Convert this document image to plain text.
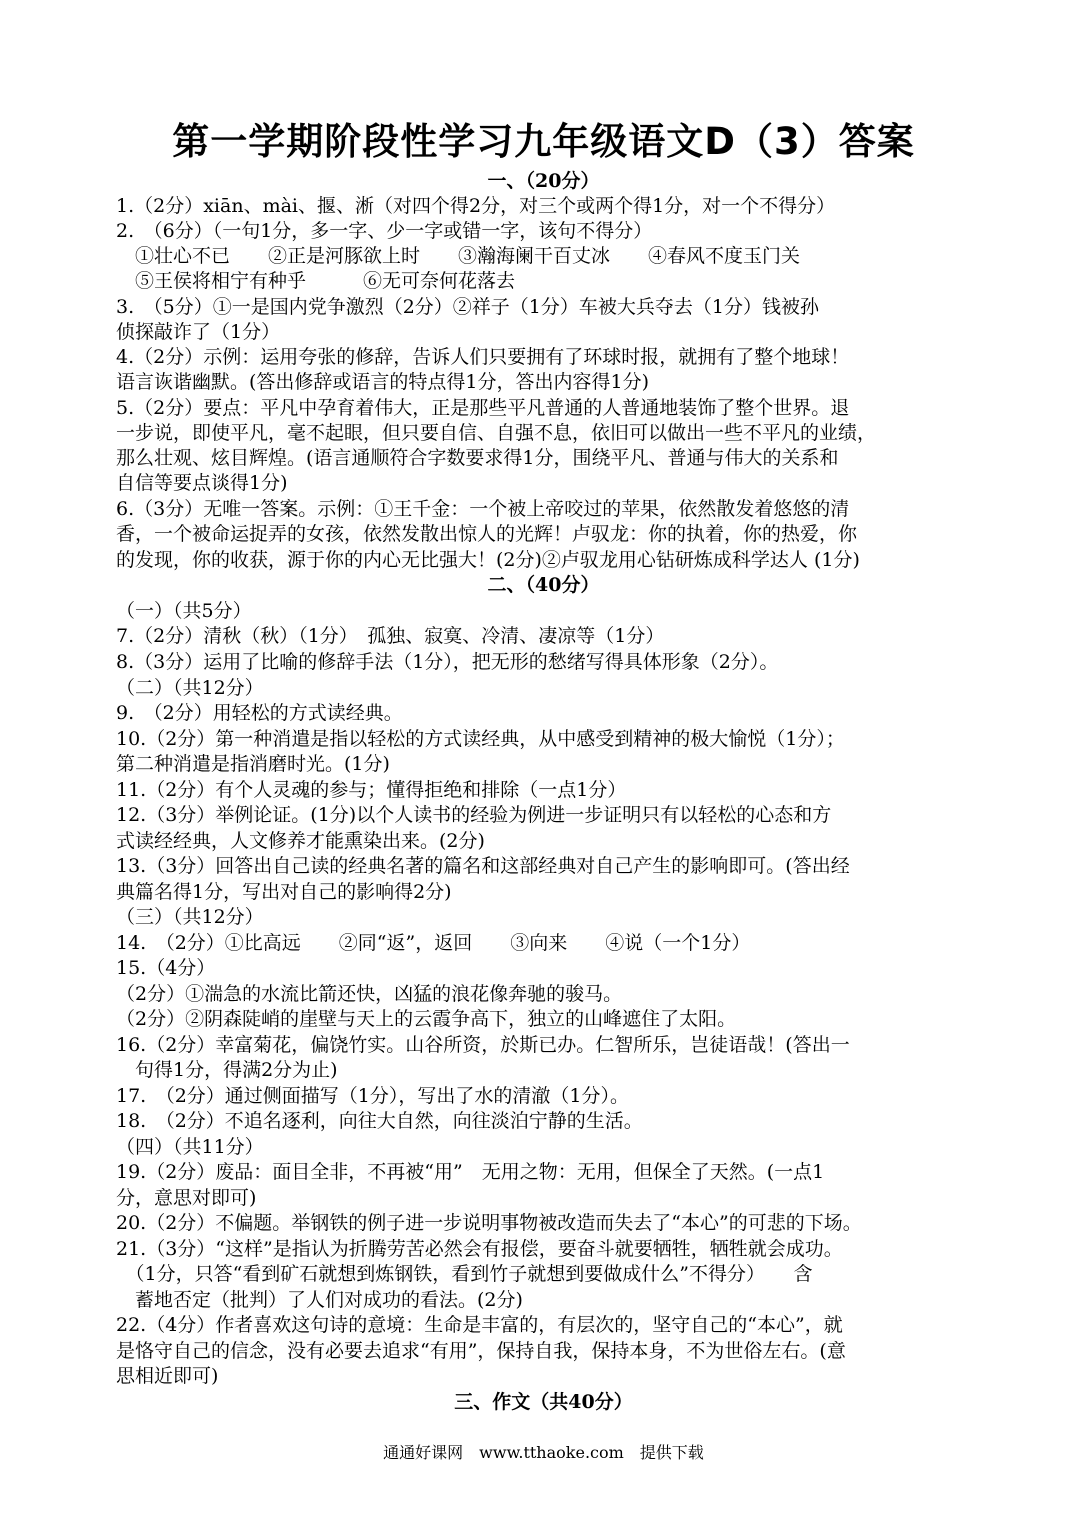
第一学期阶段性学习九年级语文D（3）答案
一、（20分）
1.（2分）xiān、mài、揠、淅（对四个得2分，对三个或两个得1分，对一个不得分）
2.　（6分）（一句1分，多一字、少一字或错一字，该句不得分）
　①壮心不已　　②正是河豚欲上时　　③瀚海阑干百丈冰　　④春风不度玉门关
　⑤王侯将相宁有种乎　　　⑥无可奈何花落去
3.　（5分）①一是国内党争激烈（2分）②祥子（1分）车被大兵夺去（1分）钱被孙
侦探敲诈了（1分）
4.（2分）示例：运用夸张的修辞，告诉人们只要拥有了环球时报，就拥有了整个地球！
语言诙谐幽默。(答出修辞或语言的特点得1分，答出内容得1分)
5.（2分）要点：平凡中孕育着伟大，正是那些平凡普通的人普通地装饰了整个世界。退
一步说，即使平凡，毫不起眼，但只要自信、自强不息，依旧可以做出一些不平凡的业绩，
那么壮观、炫目辉煌。(语言通顺符合字数要求得1分，围绕平凡、普通与伟大的关系和
自信等要点谈得1分)
6.（3分）无唯一答案。示例：①王千金：一个被上帝咬过的苹果，依然散发着悠悠的清
香，一个被命运捉弄的女孩，依然发散出惊人的光辉！卢驭龙：你的执着，你的热爱，你
的发现，你的收获，源于你的内心无比强大！(2分)②卢驭龙用心钻研炼成科学达人 (1分)
二、（40分）
（一）（共5分）
7.（2分）清秋（秋）（1分）　孤独、寂寞、冷清、凄凉等（1分）
8.（3分）运用了比喻的修辞手法（1分），把无形的愁绪写得具体形象（2分）。
（二）（共12分）
9.　（2分）用轻松的方式读经典。
10.（2分）第一种消遣是指以轻松的方式读经典，从中感受到精神的极大愉悦（1分）；
第二种消遣是指消磨时光。(1分)
11.（2分）有个人灵魂的参与；懂得拒绝和排除（一点1分）
12.（3分）举例论证。(1分)以个人读书的经验为例进一步证明只有以轻松的心态和方
式读经经典，人文修养才能熏染出来。(2分)
13.（3分）回答出自己读的经典名著的篇名和这部经典对自己产生的影响即可。(答出经
典篇名得1分，写出对自己的影响得2分)
（三）（共12分）
14.　（2分）①比高远　　②同“返”，返回　　③向来　　④说（一个1分）
15.（4分）
（2分）①湍急的水流比箭还快，凶猛的浪花像奔驰的骏马。
（2分）②阴森陡峭的崖壁与天上的云霞争高下，独立的山峰遮住了太阳。
16.（2分）幸富菊花，偏饶竹实。山谷所资，於斯已办。仁智所乐，岂徒语哉！(答出一
　句得1分，得满2分为止)
17.　（2分）通过侧面描写（1分），写出了水的清澈（1分）。
18.　（2分）不追名逐利，向往大自然，向往淡泊宁静的生活。
（四）（共11分）
19.（2分）废品：面目全非，不再被“用”　无用之物：无用，但保全了天然。(一点1
分，意思对即可)
20.（2分）不偏题。举钢铁的例子进一步说明事物被改造而失去了“本心”的可悲的下场。
21.（3分）“这样”是指认为折腾劳苦必然会有报偿，要奋斗就要牺牲，牺牲就会成功。
　（1分，只答“看到矿石就想到炼钢铁，看到竹子就想到要做成什么”不得分）　　含
　蓄地否定（批判）了人们对成功的看法。(2分)
22.（4分）作者喜欢这句诗的意境：生命是丰富的，有层次的，坚守自己的“本心”，就
是恪守自己的信念，没有必要去追求“有用”，保持自我，保持本身，不为世俗左右。(意
思相近即可)
三、作文（共40分）
通通好课网　www.tthaoke.com　提供下载
